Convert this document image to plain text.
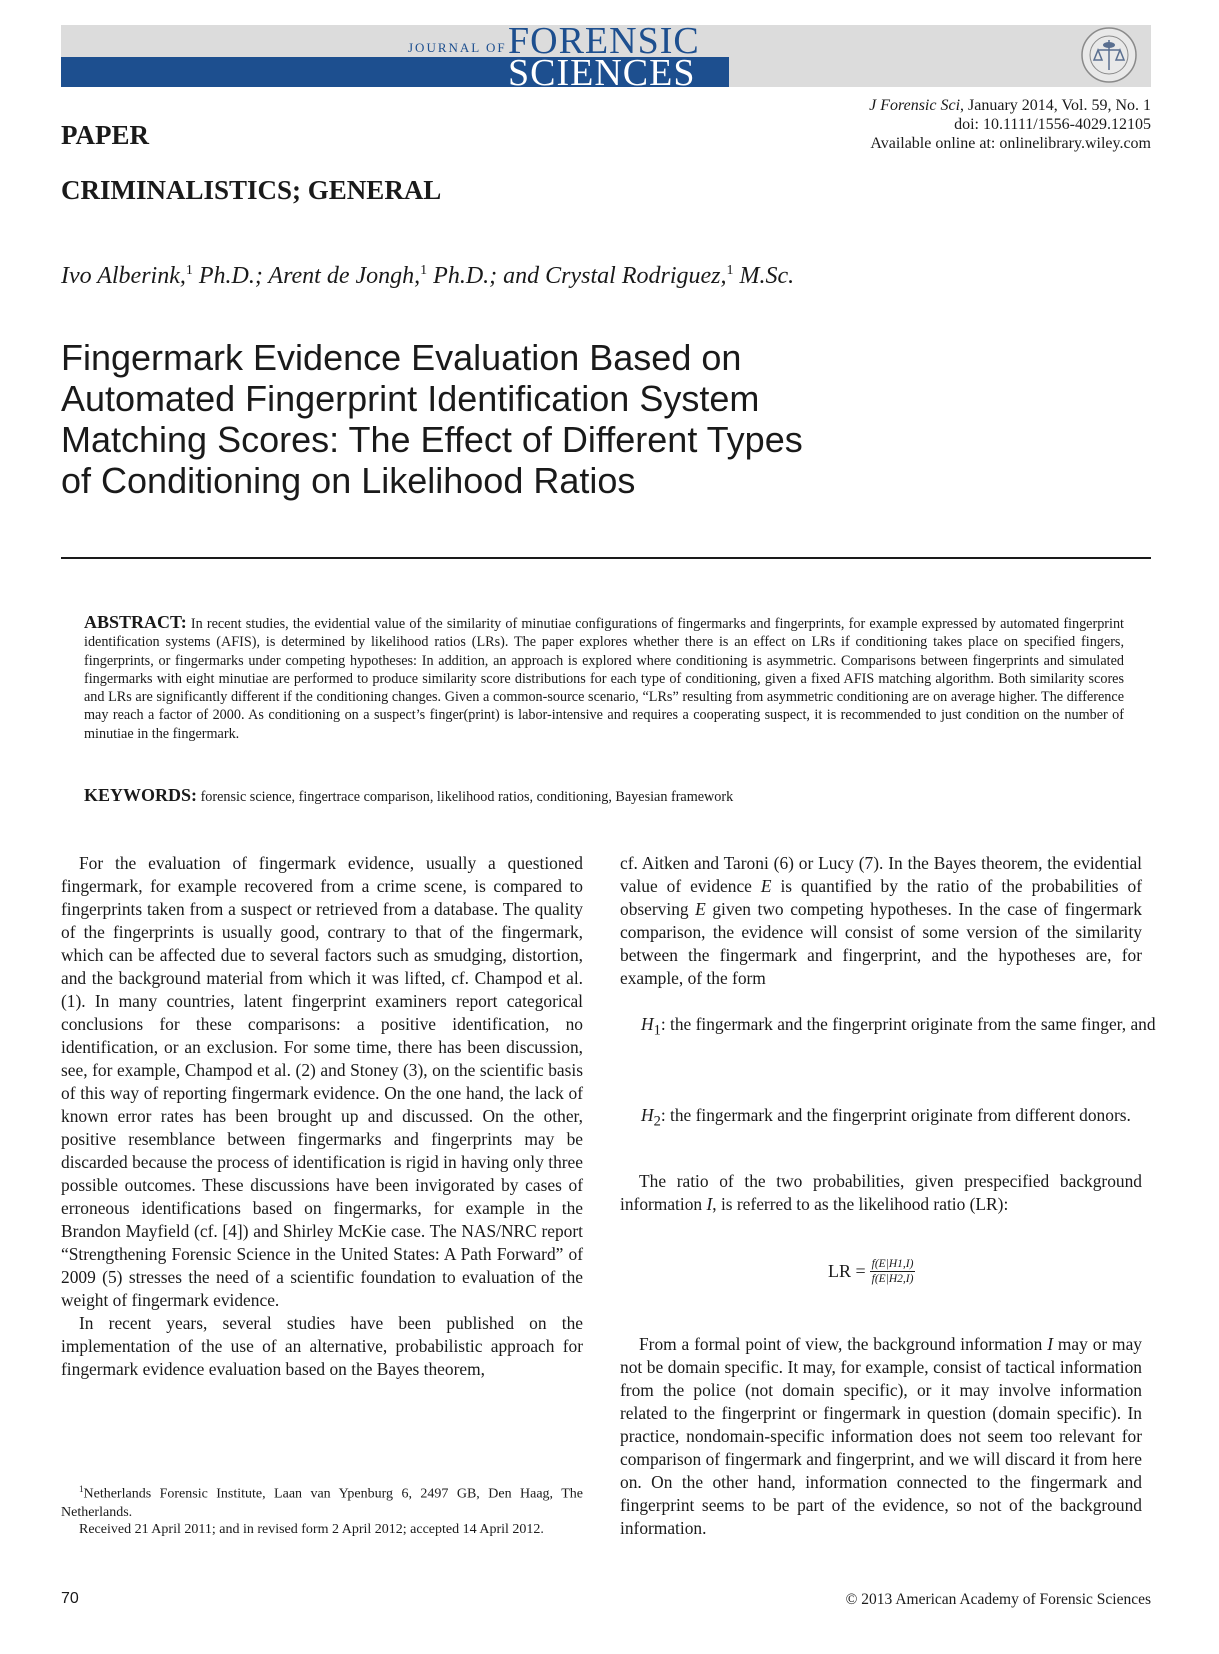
JOURNAL OF FORENSIC
SCIENCES
J Forensic Sci, January 2014, Vol. 59, No. 1
doi: 10.1111/1556-4029.12105
Available online at: onlinelibrary.wiley.com
PAPER
CRIMINALISTICS; GENERAL
Ivo Alberink,$^1$ Ph.D.; Arent de Jongh,$^1$ Ph.D.; and Crystal Rodriguez,$^1$ M.Sc.
Fingermark Evidence Evaluation Based on
Automated Fingerprint Identification System
Matching Scores: The Effect of Different Types
of Conditioning on Likelihood Ratios
ABSTRACT: In recent studies, the evidential value of the similarity of minutiae configurations of fingermarks and fingerprints, for example expressed by automated fingerprint identification systems (AFIS), is determined by likelihood ratios (LRs). The paper explores whether there is an effect on LRs if conditioning takes place on specified fingers, fingerprints, or fingermarks under competing hypotheses: In addition, an approach is explored where conditioning is asymmetric. Comparisons between fingerprints and simulated fingermarks with eight minutiae are performed to produce similarity score distributions for each type of conditioning, given a fixed AFIS matching algorithm. Both similarity scores and LRs are significantly different if the conditioning changes. Given a common-source scenario, “LRs” resulting from asymmetric conditioning are on average higher. The difference may reach a factor of 2000. As conditioning on a suspect’s finger(print) is labor-intensive and requires a cooperating suspect, it is recommended to just condition on the number of minutiae in the fingermark.
KEYWORDS: forensic science, fingertrace comparison, likelihood ratios, conditioning, Bayesian framework

For the evaluation of fingermark evidence, usually a questioned fingermark, for example recovered from a crime scene, is compared to fingerprints taken from a suspect or retrieved from a database. The quality of the fingerprints is usually good, contrary to that of the fingermark, which can be affected due to several factors such as smudging, distortion, and the background material from which it was lifted, cf. Champod et al. (1). In many countries, latent fingerprint examiners report categorical conclusions for these comparisons: a positive identification, no identification, or an exclusion. For some time, there has been discussion, see, for example, Champod et al. (2) and Stoney (3), on the scientific basis of this way of reporting fingermark evidence. On the one hand, the lack of known error rates has been brought up and discussed. On the other, positive resemblance between fingermarks and fingerprints may be discarded because the process of identification is rigid in having only three possible outcomes. These discussions have been invigorated by cases of erroneous identifications based on fingermarks, for example in the Brandon Mayfield (cf. [4]) and Shirley McKie case. The NAS/NRC report “Strengthening Forensic Science in the United States: A Path Forward” of 2009 (5) stresses the need of a scientific foundation to evaluation of the weight of fingermark evidence.

In recent years, several studies have been published on the implementation of the use of an alternative, probabilistic approach for fingermark evidence evaluation based on the Bayes theorem,

cf. Aitken and Taroni (6) or Lucy (7). In the Bayes theorem, the evidential value of evidence E is quantified by the ratio of the probabilities of observing E given two competing hypotheses. In the case of fingermark comparison, the evidence will consist of some version of the similarity between the fingermark and fingerprint, and the hypotheses are, for example, of the form

$H_1$: the fingermark and the fingerprint originate from the same finger, and
$H_2$: the fingermark and the fingerprint originate from different donors.

The ratio of the two probabilities, given prespecified background information I, is referred to as the likelihood ratio (LR):

LR = $\frac{f(E|H1,I)}{f(E|H2,I)}$

From a formal point of view, the background information I may or may not be domain specific. It may, for example, consist of tactical information from the police (not domain specific), or it may involve information related to the fingerprint or fingermark in question (domain specific). In practice, nondomain-specific information does not seem too relevant for comparison of fingermark and fingerprint, and we will discard it from here on. On the other hand, information connected to the fingermark and fingerprint seems to be part of the evidence, so not of the background information.

$^1$Netherlands Forensic Institute, Laan van Ypenburg 6, 2497 GB, Den Haag, The Netherlands.
Received 21 April 2011; and in revised form 2 April 2012; accepted 14 April 2012.
70	© 2013 American Academy of Forensic Sciences
